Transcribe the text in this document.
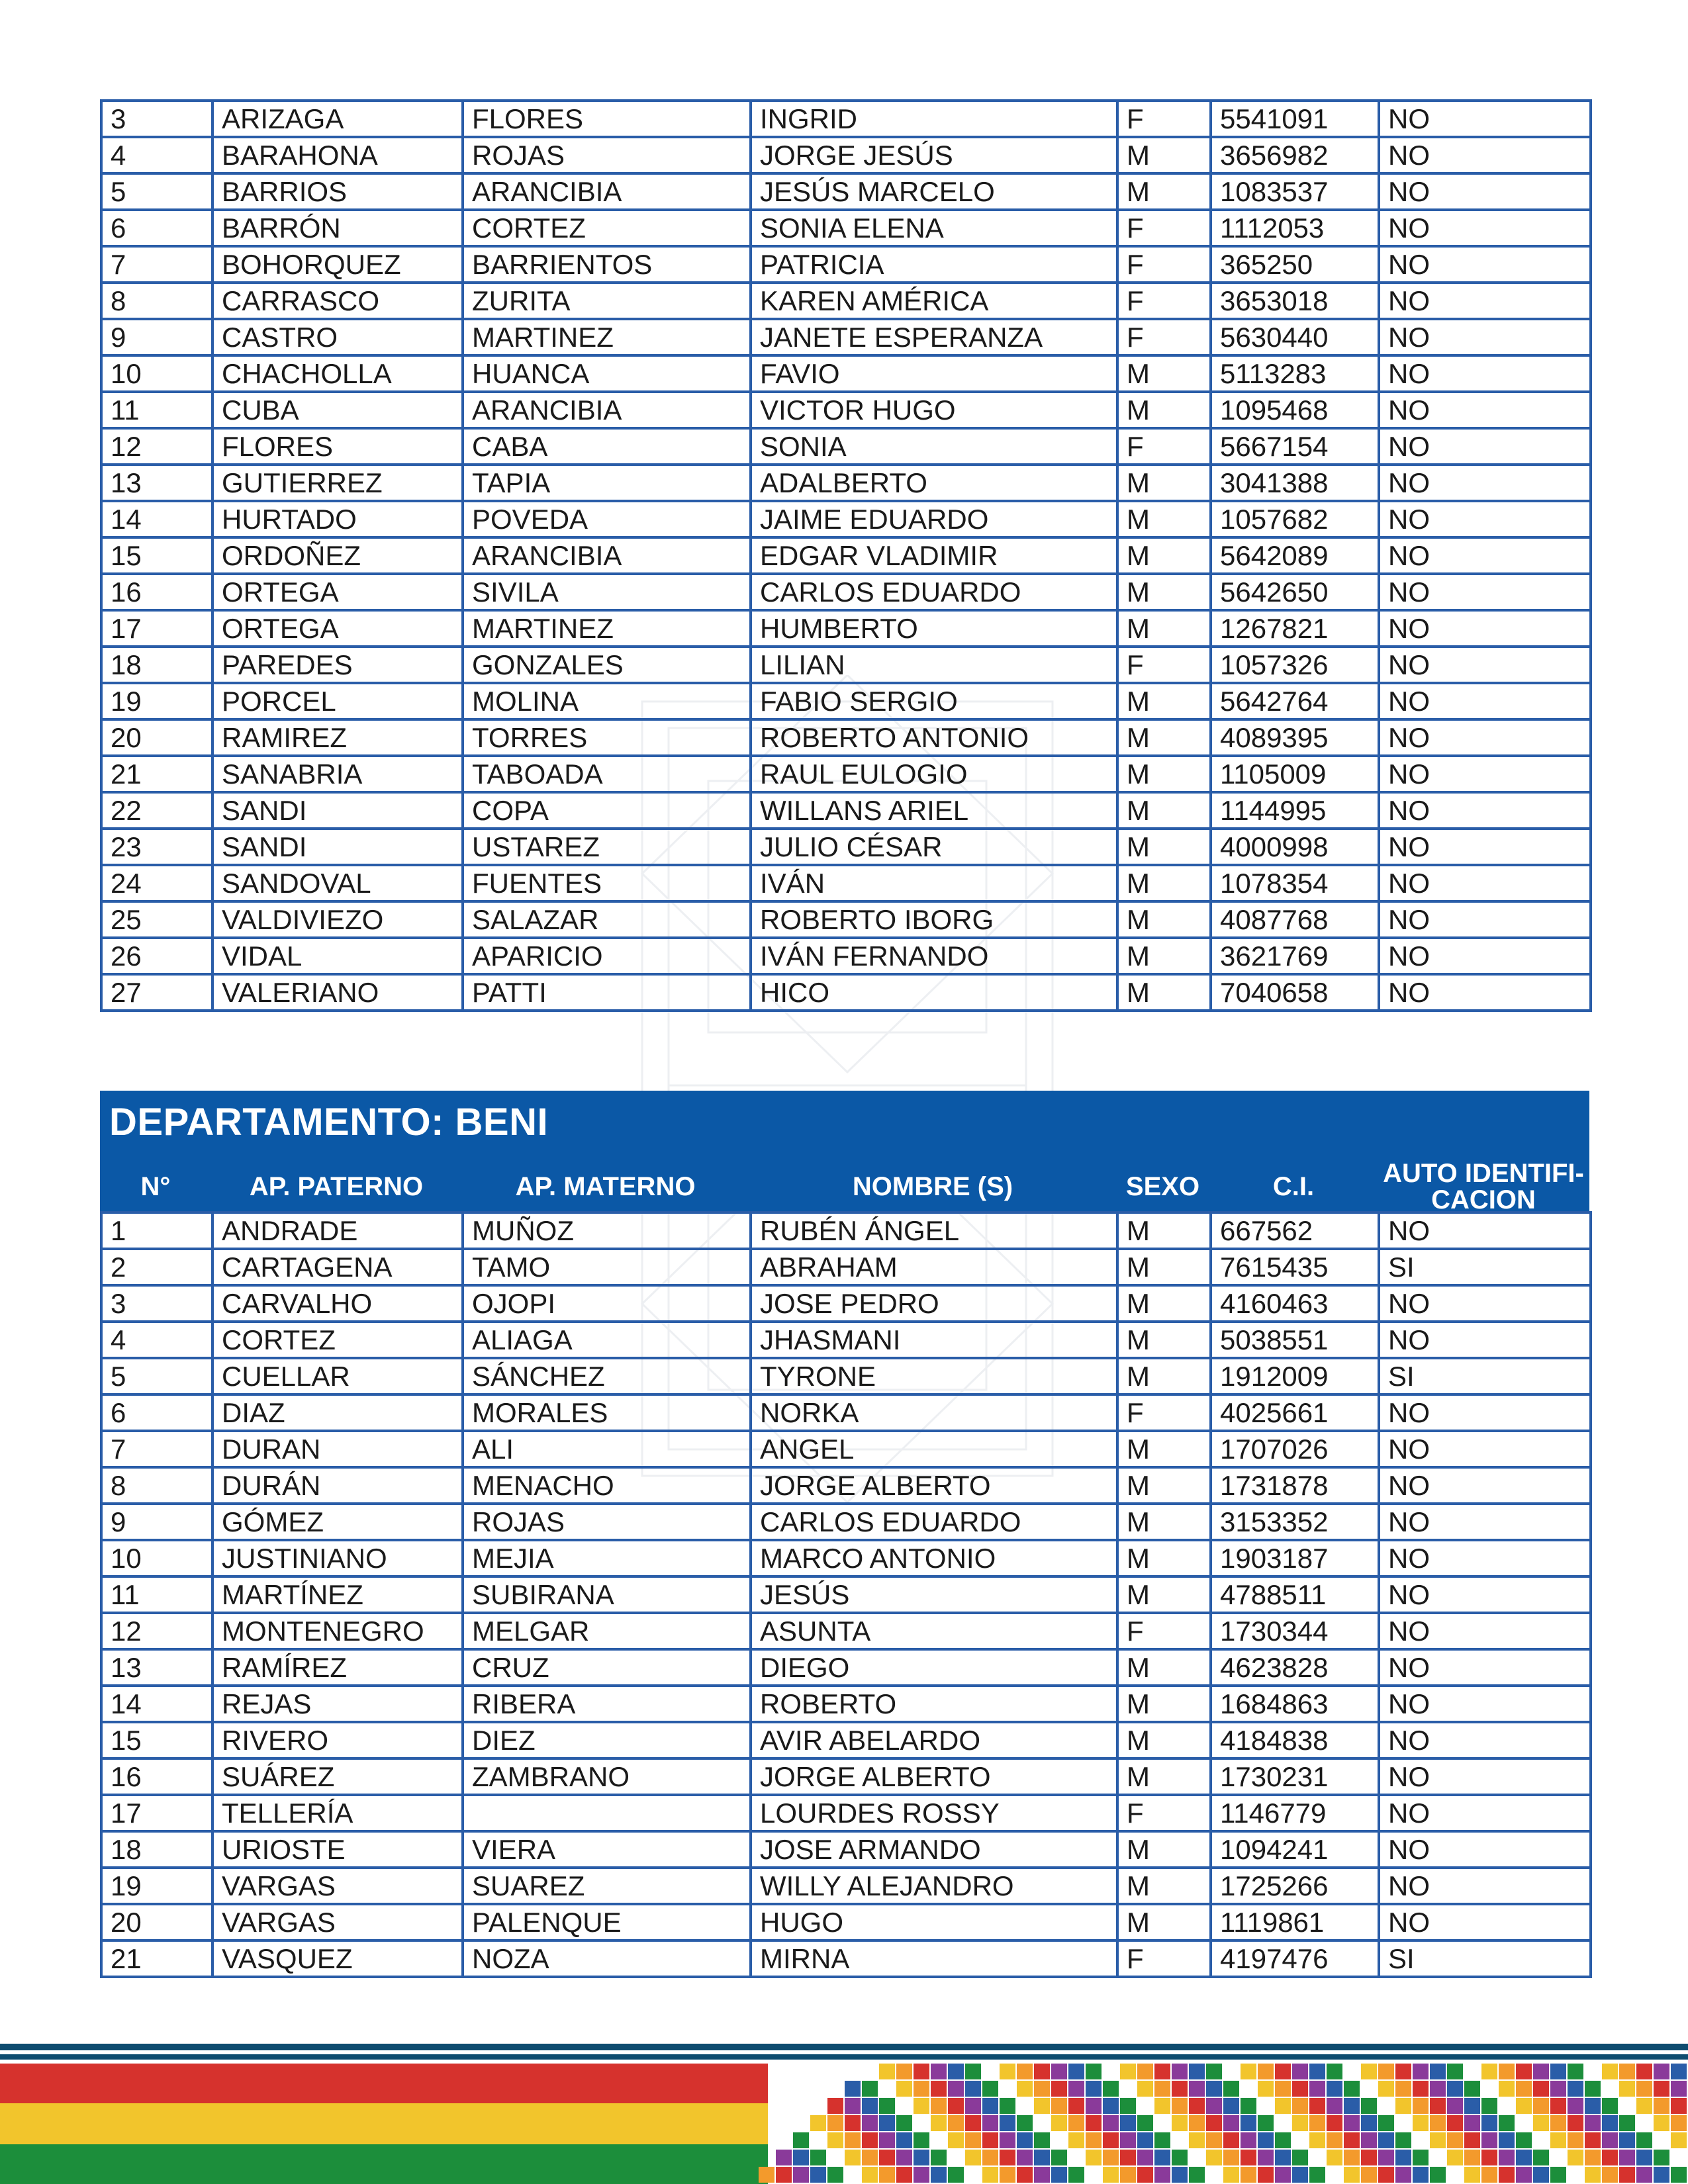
3	ARIZAGA	FLORES	INGRID	F	5541091	NO
4	BARAHONA	ROJAS	JORGE JESÚS	M	3656982	NO
5	BARRIOS	ARANCIBIA	JESÚS MARCELO	M	1083537	NO
6	BARRÓN	CORTEZ	SONIA ELENA	F	1112053	NO
7	BOHORQUEZ	BARRIENTOS	PATRICIA	F	365250	NO
8	CARRASCO	ZURITA	KAREN AMÉRICA	F	3653018	NO
9	CASTRO	MARTINEZ	JANETE ESPERANZA	F	5630440	NO
10	CHACHOLLA	HUANCA	FAVIO	M	5113283	NO
11	CUBA	ARANCIBIA	VICTOR HUGO	M	1095468	NO
12	FLORES	CABA	SONIA	F	5667154	NO
13	GUTIERREZ	TAPIA	ADALBERTO	M	3041388	NO
14	HURTADO	POVEDA	JAIME EDUARDO	M	1057682	NO
15	ORDOÑEZ	ARANCIBIA	EDGAR VLADIMIR	M	5642089	NO
16	ORTEGA	SIVILA	CARLOS EDUARDO	M	5642650	NO
17	ORTEGA	MARTINEZ	HUMBERTO	M	1267821	NO
18	PAREDES	GONZALES	LILIAN	F	1057326	NO
19	PORCEL	MOLINA	FABIO SERGIO	M	5642764	NO
20	RAMIREZ	TORRES	ROBERTO ANTONIO	M	4089395	NO
21	SANABRIA	TABOADA	RAUL EULOGIO	M	1105009	NO
22	SANDI	COPA	WILLANS ARIEL	M	1144995	NO
23	SANDI	USTAREZ	JULIO CÉSAR	M	4000998	NO
24	SANDOVAL	FUENTES	IVÁN	M	1078354	NO
25	VALDIVIEZO	SALAZAR	ROBERTO IBORG	M	4087768	NO
26	VIDAL	APARICIO	IVÁN FERNANDO	M	3621769	NO
27	VALERIANO	PATTI	HICO	M	7040658	NO
DEPARTAMENTO: BENI
N°	AP. PATERNO	AP. MATERNO	NOMBRE (S)	SEXO	C.I.	AUTO IDENTIFI-
CACION
1	ANDRADE	MUÑOZ	RUBÉN ÁNGEL	M	667562	NO
2	CARTAGENA	TAMO	ABRAHAM	M	7615435	SI
3	CARVALHO	OJOPI	JOSE PEDRO	M	4160463	NO
4	CORTEZ	ALIAGA	JHASMANI	M	5038551	NO
5	CUELLAR	SÁNCHEZ	TYRONE	M	1912009	SI
6	DIAZ	MORALES	NORKA	F	4025661	NO
7	DURAN	ALI	ANGEL	M	1707026	NO
8	DURÁN	MENACHO	JORGE ALBERTO	M	1731878	NO
9	GÓMEZ	ROJAS	CARLOS EDUARDO	M	3153352	NO
10	JUSTINIANO	MEJIA	MARCO ANTONIO	M	1903187	NO
11	MARTÍNEZ	SUBIRANA	JESÚS	M	4788511	NO
12	MONTENEGRO	MELGAR	ASUNTA	F	1730344	NO
13	RAMÍREZ	CRUZ	DIEGO	M	4623828	NO
14	REJAS	RIBERA	ROBERTO	M	1684863	NO
15	RIVERO	DIEZ	AVIR ABELARDO	M	4184838	NO
16	SUÁREZ	ZAMBRANO	JORGE ALBERTO	M	1730231	NO
17	TELLERÍA		LOURDES ROSSY	F	1146779	NO
18	URIOSTE	VIERA	JOSE ARMANDO	M	1094241	NO
19	VARGAS	SUAREZ	WILLY ALEJANDRO	M	1725266	NO
20	VARGAS	PALENQUE	HUGO	M	1119861	NO
21	VASQUEZ	NOZA	MIRNA	F	4197476	SI
